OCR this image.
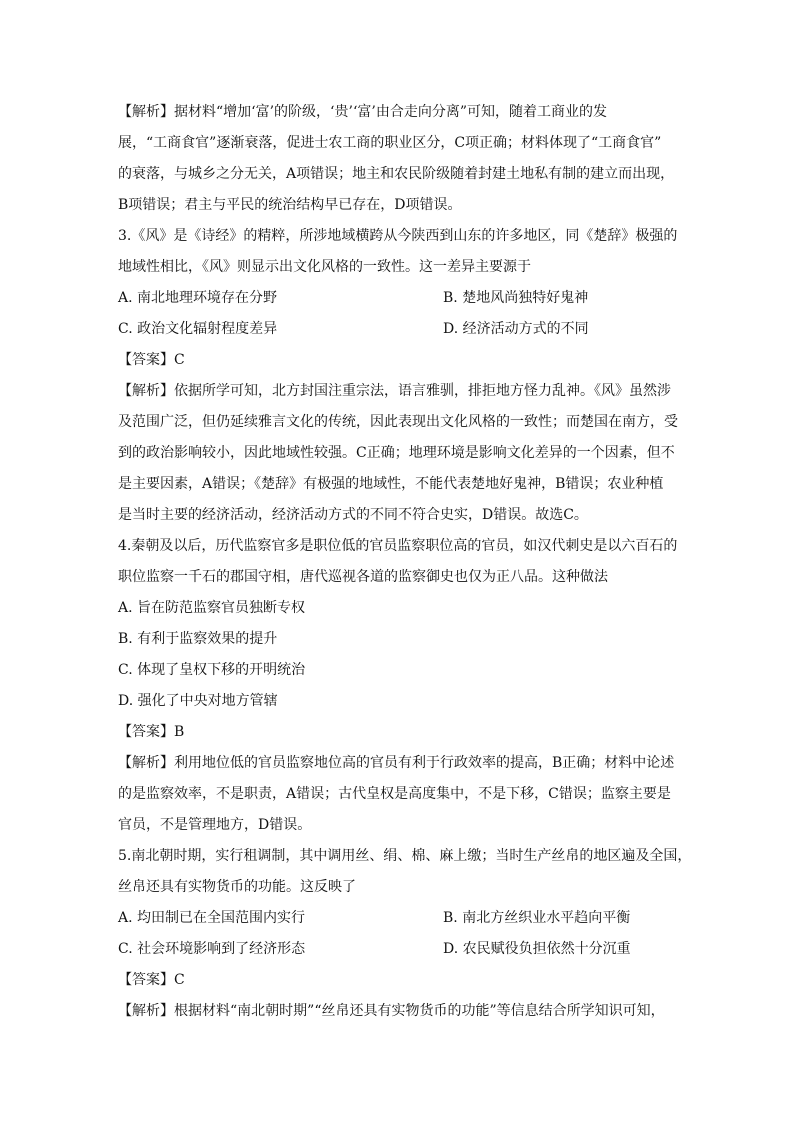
【解析】据材料“增加‘富’的阶级，‘贵’‘富’由合走向分离”可知，随着工商业的发
展，“工商食官”逐渐衰落，促进士农工商的职业区分，C项正确；材料体现了“工商食官”
的衰落，与城乡之分无关，A项错误；地主和农民阶级随着封建土地私有制的建立而出现，
B项错误；君主与平民的统治结构早已存在，D项错误。
3.《风》是《诗经》的精粹，所涉地域横跨从今陕西到山东的许多地区，同《楚辞》极强的
地域性相比，《风》则显示出文化风格的一致性。这一差异主要源于
A. 南北地理环境存在分野	B. 楚地风尚独特好鬼神
C. 政治文化辐射程度差异	D. 经济活动方式的不同
【答案】C
【解析】依据所学可知，北方封国注重宗法，语言雅驯，排拒地方怪力乱神。《风》虽然涉
及范围广泛，但仍延续雅言文化的传统，因此表现出文化风格的一致性；而楚国在南方，受
到的政治影响较小，因此地域性较强。C正确；地理环境是影响文化差异的一个因素，但不
是主要因素，A错误；《楚辞》有极强的地域性，不能代表楚地好鬼神，B错误；农业种植
是当时主要的经济活动，经济活动方式的不同不符合史实，D错误。故选C。
4.秦朝及以后，历代监察官多是职位低的官员监察职位高的官员，如汉代刺史是以六百石的
职位监察一千石的郡国守相，唐代巡视各道的监察御史也仅为正八品。这种做法
A. 旨在防范监察官员独断专权
B. 有利于监察效果的提升
C. 体现了皇权下移的开明统治
D. 强化了中央对地方管辖
【答案】B
【解析】利用地位低的官员监察地位高的官员有利于行政效率的提高，B正确；材料中论述
的是监察效率，不是职责，A错误；古代皇权是高度集中，不是下移，C错误；监察主要是
官员，不是管理地方，D错误。
5.南北朝时期，实行租调制，其中调用丝、绢、棉、麻上缴；当时生产丝帛的地区遍及全国，
丝帛还具有实物货币的功能。这反映了
A. 均田制已在全国范围内实行	B. 南北方丝织业水平趋向平衡
C. 社会环境影响到了经济形态	D. 农民赋役负担依然十分沉重
【答案】C
【解析】根据材料“南北朝时期”“丝帛还具有实物货币的功能”等信息结合所学知识可知，
